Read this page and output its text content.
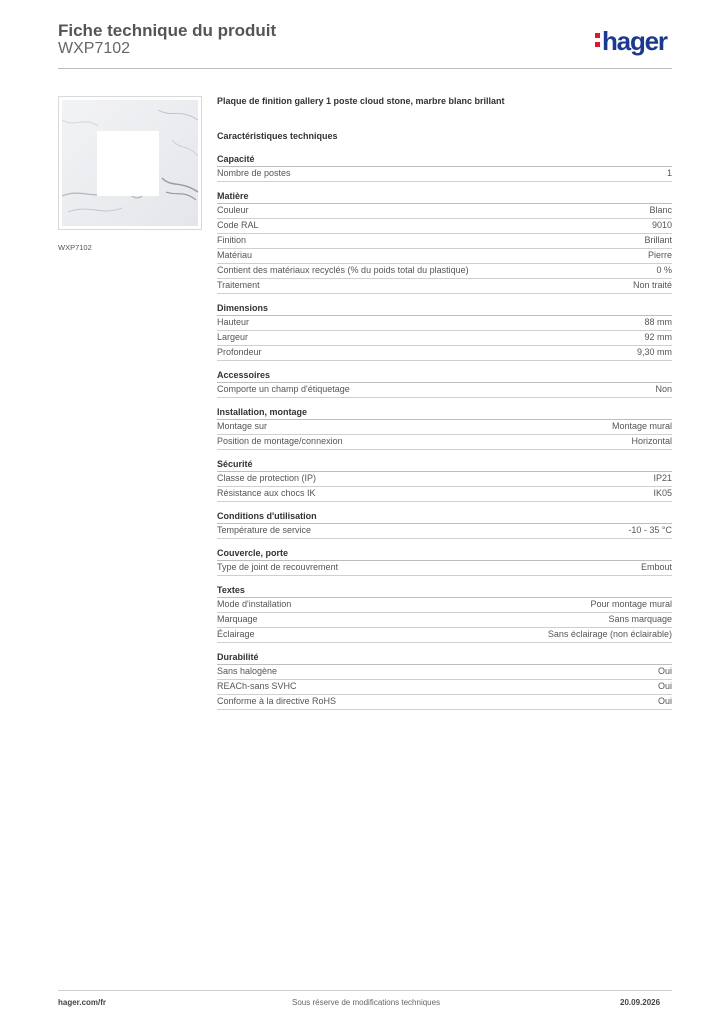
Fiche technique du produit
WXP7102	hager
WXP7102
Plaque de finition gallery 1 poste cloud stone, marbre blanc brillant
Caractéristiques techniques
Capacité
Nombre de postes	1
Matière
Couleur	Blanc
Code RAL	9010
Finition	Brillant
Matériau	Pierre
Contient des matériaux recyclés (% du poids total du plastique)	0 %
Traitement	Non traité
Dimensions
Hauteur	88 mm
Largeur	92 mm
Profondeur	9,30 mm
Accessoires
Comporte un champ d'étiquetage	Non
Installation, montage
Montage sur	Montage mural
Position de montage/connexion	Horizontal
Sécurité
Classe de protection (IP)	IP21
Résistance aux chocs IK	IK05
Conditions d'utilisation
Température de service	-10 - 35 °C
Couvercle, porte
Type de joint de recouvrement	Embout
Textes
Mode d'installation	Pour montage mural
Marquage	Sans marquage
Éclairage	Sans éclairage (non éclairable)
Durabilité
Sans halogène	Oui
REACh-sans SVHC	Oui
Conforme à la directive RoHS	Oui
hager.com/fr	Sous réserve de modifications techniques	20.09.2026
